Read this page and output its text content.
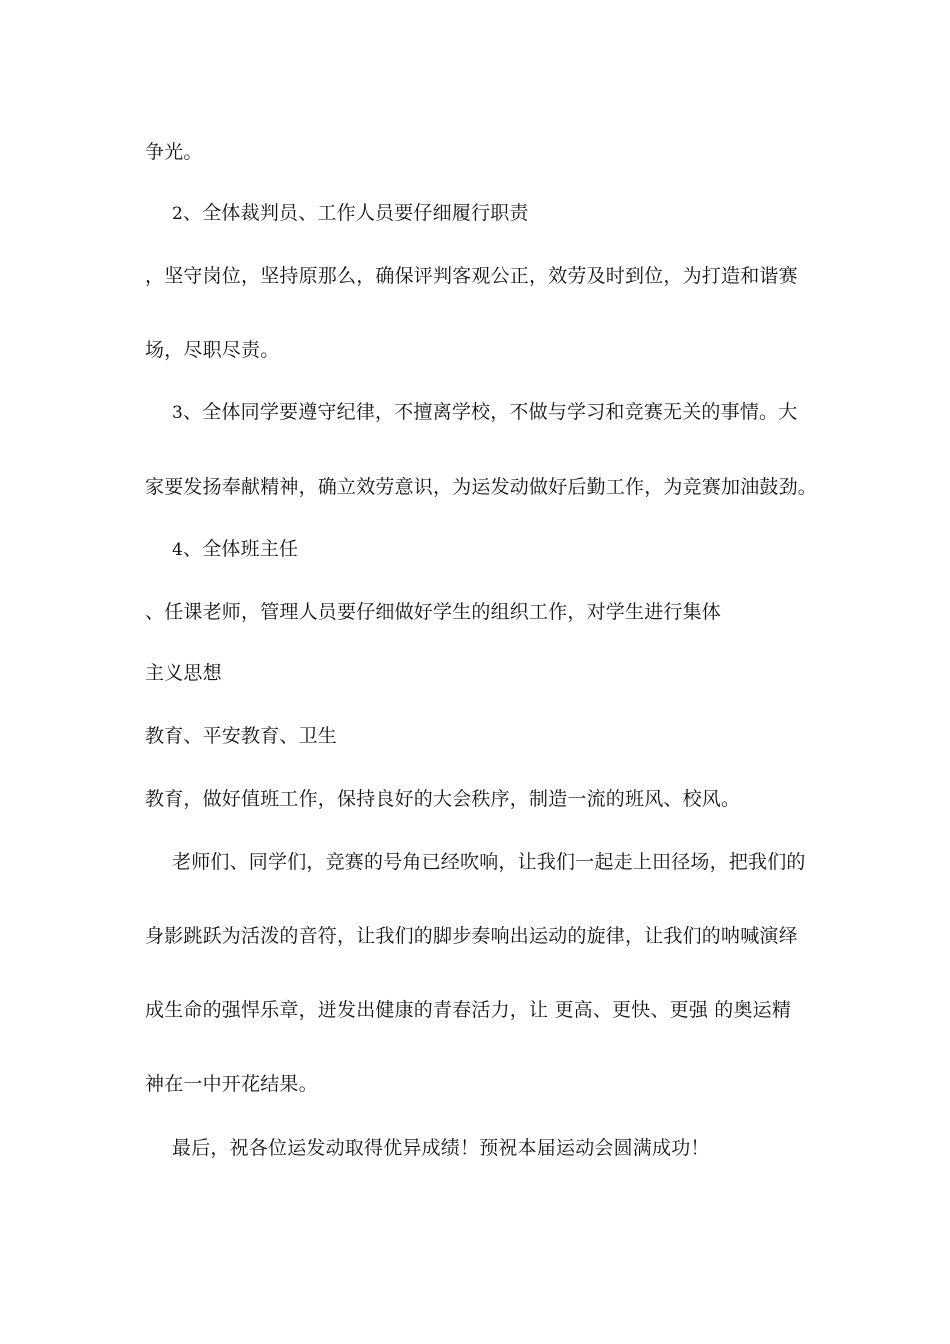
争光。
2、全体裁判员、工作人员要仔细履行职责
，坚守岗位，坚持原那么，确保评判客观公正，效劳及时到位，为打造和谐赛
场，尽职尽责。
3、全体同学要遵守纪律，不擅离学校，不做与学习和竞赛无关的事情。大
家要发扬奉献精神，确立效劳意识，为运发动做好后勤工作，为竞赛加油鼓劲。
4、全体班主任
、任课老师，管理人员要仔细做好学生的组织工作，对学生进行集体
主义思想
教育、平安教育、卫生
教育，做好值班工作，保持良好的大会秩序，制造一流的班风、校风。
老师们、同学们，竞赛的号角已经吹响，让我们一起走上田径场，把我们的
身影跳跃为活泼的音符，让我们的脚步奏响出运动的旋律，让我们的呐喊演绎
成生命的强悍乐章，迸发出健康的青春活力，让 更高、更快、更强 的奥运精
神在一中开花结果。
最后，祝各位运发动取得优异成绩！预祝本届运动会圆满成功！
